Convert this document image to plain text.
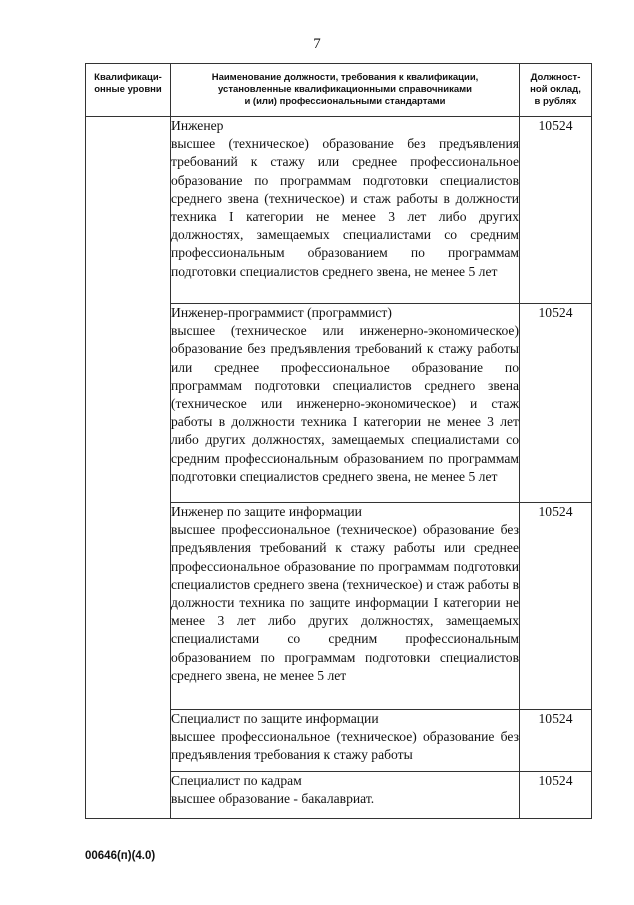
7
Квалификаци-
онные уровни	Наименование должности, требования к квалификации,
установленные квалификационными справочниками
и (или) профессиональными стандартами	Должност-
ной оклад,
в рублях

	Инженер
высшее (техническое) образование без предъявления требований к стажу или среднее профессиональное образование по программам подготовки специалистов среднего звена (техническое) и стаж работы в должности техника I категории не менее 3 лет либо других должностях, замещаемых специалистами со средним профессиональным образованием по программам подготовки специалистов среднего звена, не менее 5 лет	10524

	Инженер-программист (программист)
высшее (техническое или инженерно-экономическое) образование без предъявления требований к стажу работы или среднее профессиональное образование по программам подготовки специалистов среднего звена (техническое или инженерно-экономическое) и стаж работы в должности техника I категории не менее 3 лет либо других должностях, замещаемых специалистами со средним профессиональным образованием по программам подготовки специалистов среднего звена, не менее 5 лет	10524

	Инженер по защите информации
высшее профессиональное (техническое) образование без предъявления требований к стажу работы или среднее профессиональное образование по программам подготовки специалистов среднего звена (техническое) и стаж работы в должности техника по защите информации I категории не менее 3 лет либо других должностях, замещаемых специалистами со средним профессиональным образованием по программам подготовки специалистов среднего звена, не менее 5 лет	10524

	Специалист по защите информации
высшее профессиональное (техническое) образование без предъявления требования к стажу работы	10524

	Специалист по кадрам
высшее образование - бакалавриат.	10524
00646(п)(4.0)
